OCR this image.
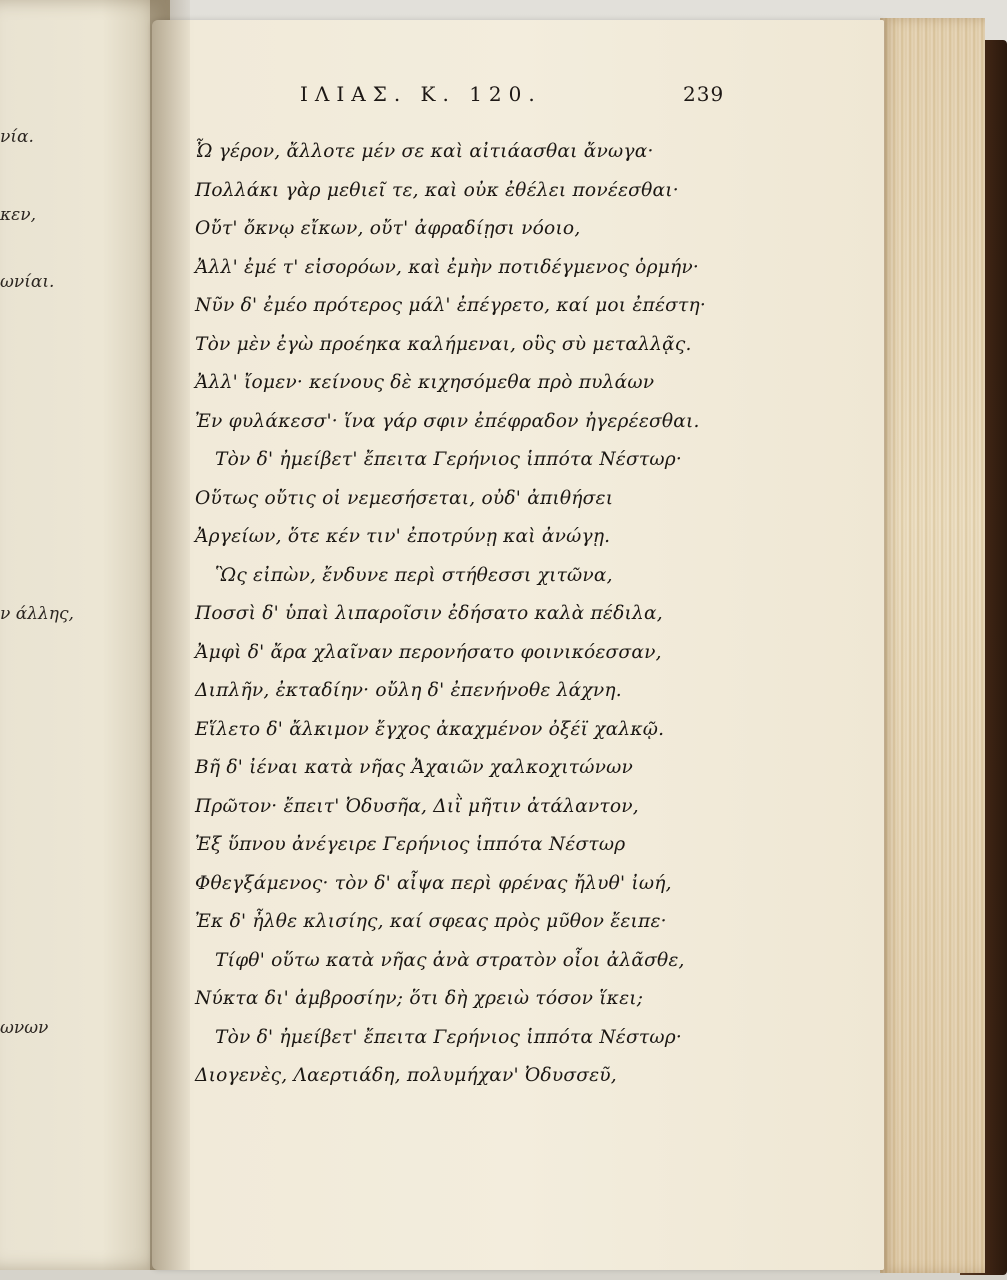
νία.
κεν,
ωνίαι.

ν άλλης,

ωνων
ΙΛΙΑΣ. Κ. 120.	239
Ὦ γέρον, ἄλλοτε μέν σε καὶ αἰτιάασθαι ἄνωγα·
Πολλάκι γὰρ μεθιεῖ τε, καὶ οὐκ ἐθέλει πονέεσθαι·
Οὔτ' ὄκνῳ εἴκων, οὔτ' ἀφραδίῃσι νόοιο,
Ἀλλ' ἐμέ τ' εἰσορόων, καὶ ἐμὴν ποτιδέγμενος ὁρμήν·
Νῦν δ' ἐμέο πρότερος μάλ' ἐπέγρετο, καί μοι ἐπέστη·
Τὸν μὲν ἐγὼ προέηκα καλήμεναι, οὓς σὺ μεταλλᾷς.
Ἀλλ' ἴομεν· κείνους δὲ κιχησόμεθα πρὸ πυλάων
Ἐν φυλάκεσσ'· ἵνα γάρ σφιν ἐπέφραδον ἠγερέεσθαι.
Τὸν δ' ἠμείβετ' ἔπειτα Γερήνιος ἱππότα Νέστωρ·
Οὕτως οὔτις οἱ νεμεσήσεται, οὐδ' ἀπιθήσει
Ἀργείων, ὅτε κέν τιν' ἐποτρύνῃ καὶ ἀνώγῃ.
Ὣς εἰπὼν, ἔνδυνε περὶ στήθεσσι χιτῶνα,
Ποσσὶ δ' ὑπαὶ λιπαροῖσιν ἐδήσατο καλὰ πέδιλα,
Ἀμφὶ δ' ἄρα χλαῖναν περονήσατο φοινικόεσσαν,
Διπλῆν, ἐκταδίην· οὔλη δ' ἐπενήνοθε λάχνη.
Εἵλετο δ' ἄλκιμον ἔγχος ἀκαχμένον ὀξέϊ χαλκῷ.
Βῆ δ' ἰέναι κατὰ νῆας Ἀχαιῶν χαλκοχιτώνων
Πρῶτον· ἔπειτ' Ὀδυσῆα, Διῒ μῆτιν ἀτάλαντον,
Ἐξ ὕπνου ἀνέγειρε Γερήνιος ἱππότα Νέστωρ
Φθεγξάμενος· τὸν δ' αἶψα περὶ φρένας ἤλυθ' ἰωή,
Ἐκ δ' ἦλθε κλισίης, καί σφεας πρὸς μῦθον ἔειπε·
Τίφθ' οὕτω κατὰ νῆας ἀνὰ στρατὸν οἶοι ἀλᾶσθε,
Νύκτα δι' ἀμβροσίην; ὅτι δὴ χρειὼ τόσον ἵκει;
Τὸν δ' ἠμείβετ' ἔπειτα Γερήνιος ἱππότα Νέστωρ·
Διογενὲς, Λαερτιάδη, πολυμήχαν' Ὀδυσσεῦ,
